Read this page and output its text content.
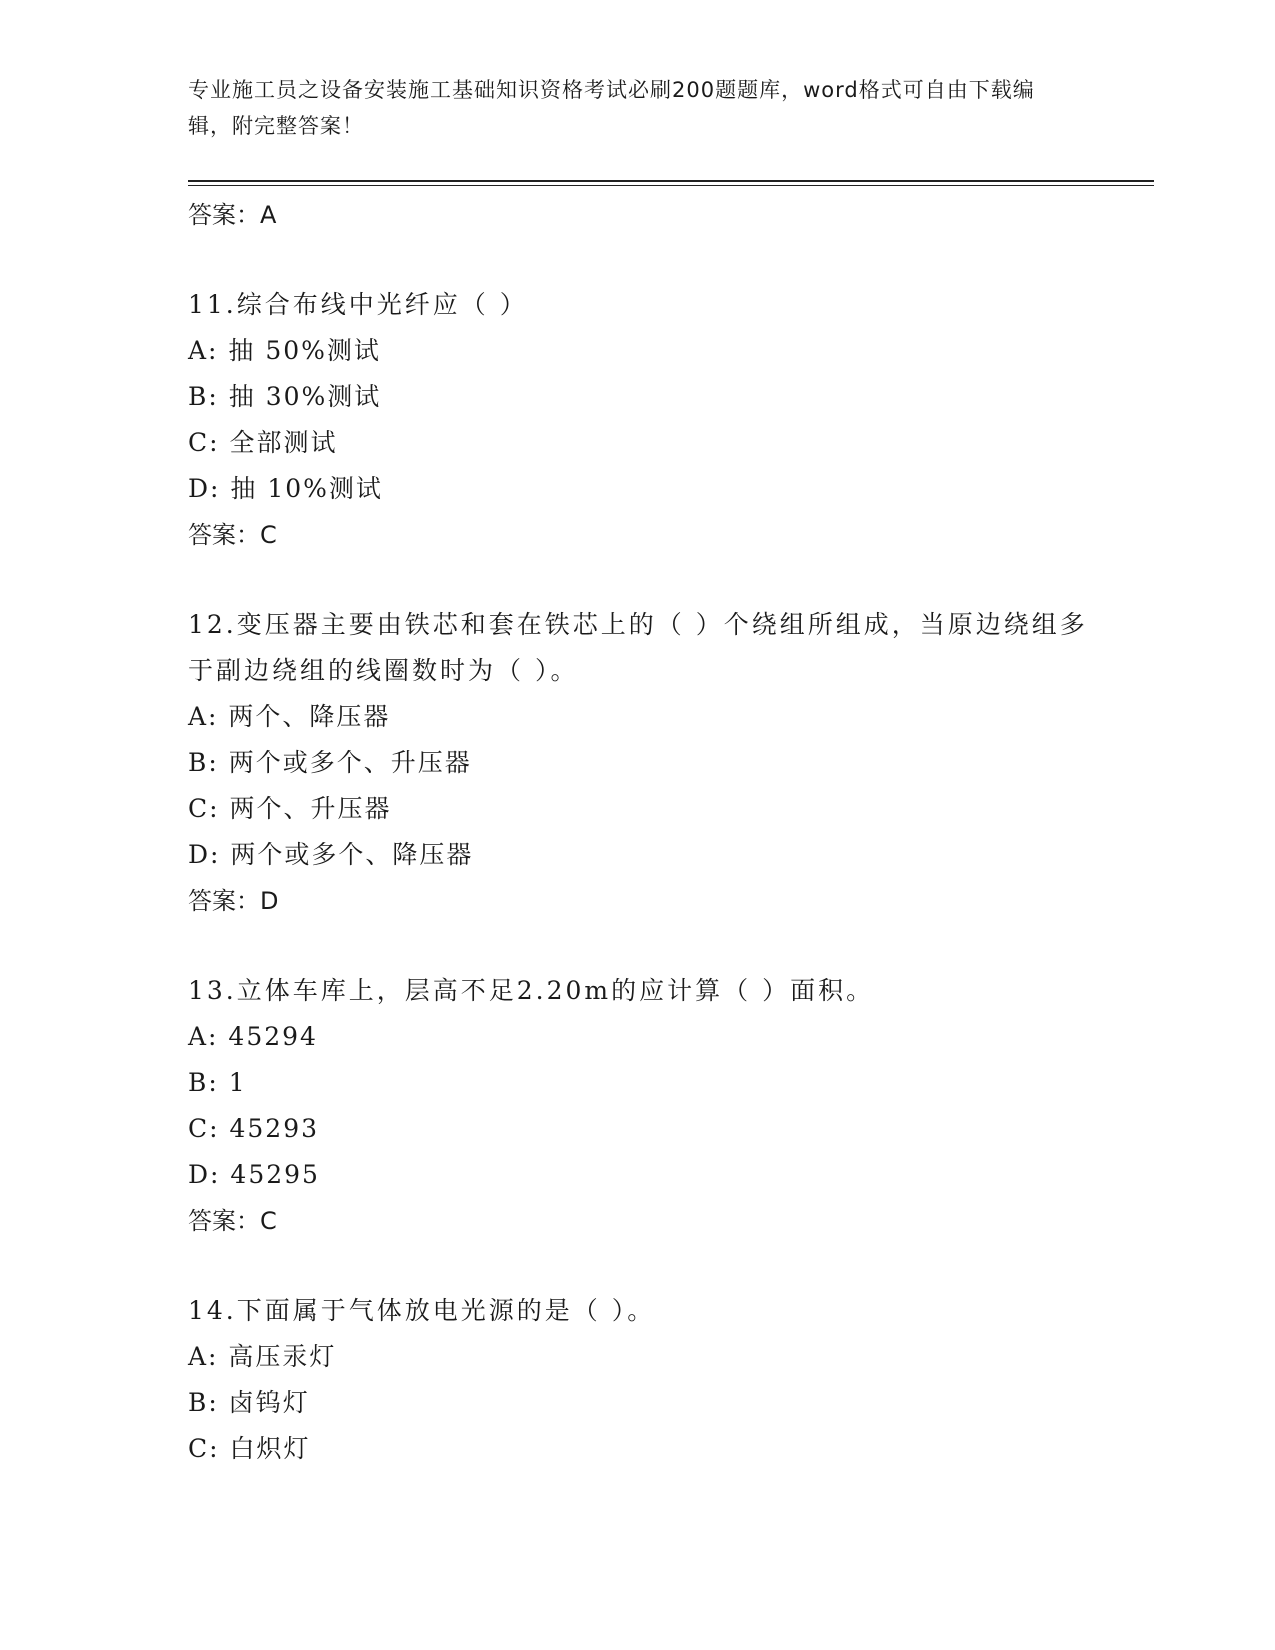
专业施工员之设备安装施工基础知识资格考试必刷200题题库，word格式可自由下载编辑，附完整答案！
答案：A
11.综合布线中光纤应（ ）
A: 抽 50%测试
B: 抽 30%测试
C: 全部测试
D: 抽 10%测试
答案：C
12.变压器主要由铁芯和套在铁芯上的（ ）个绕组所组成，当原边绕组多于副边绕组的线圈数时为（ ）。
A: 两个、降压器
B: 两个或多个、升压器
C: 两个、升压器
D: 两个或多个、降压器
答案：D
13.立体车库上，层高不足2.20m的应计算（ ）面积。
A: 45294
B: 1
C: 45293
D: 45295
答案：C
14.下面属于气体放电光源的是（ ）。
A: 高压汞灯
B: 卤钨灯
C: 白炽灯
